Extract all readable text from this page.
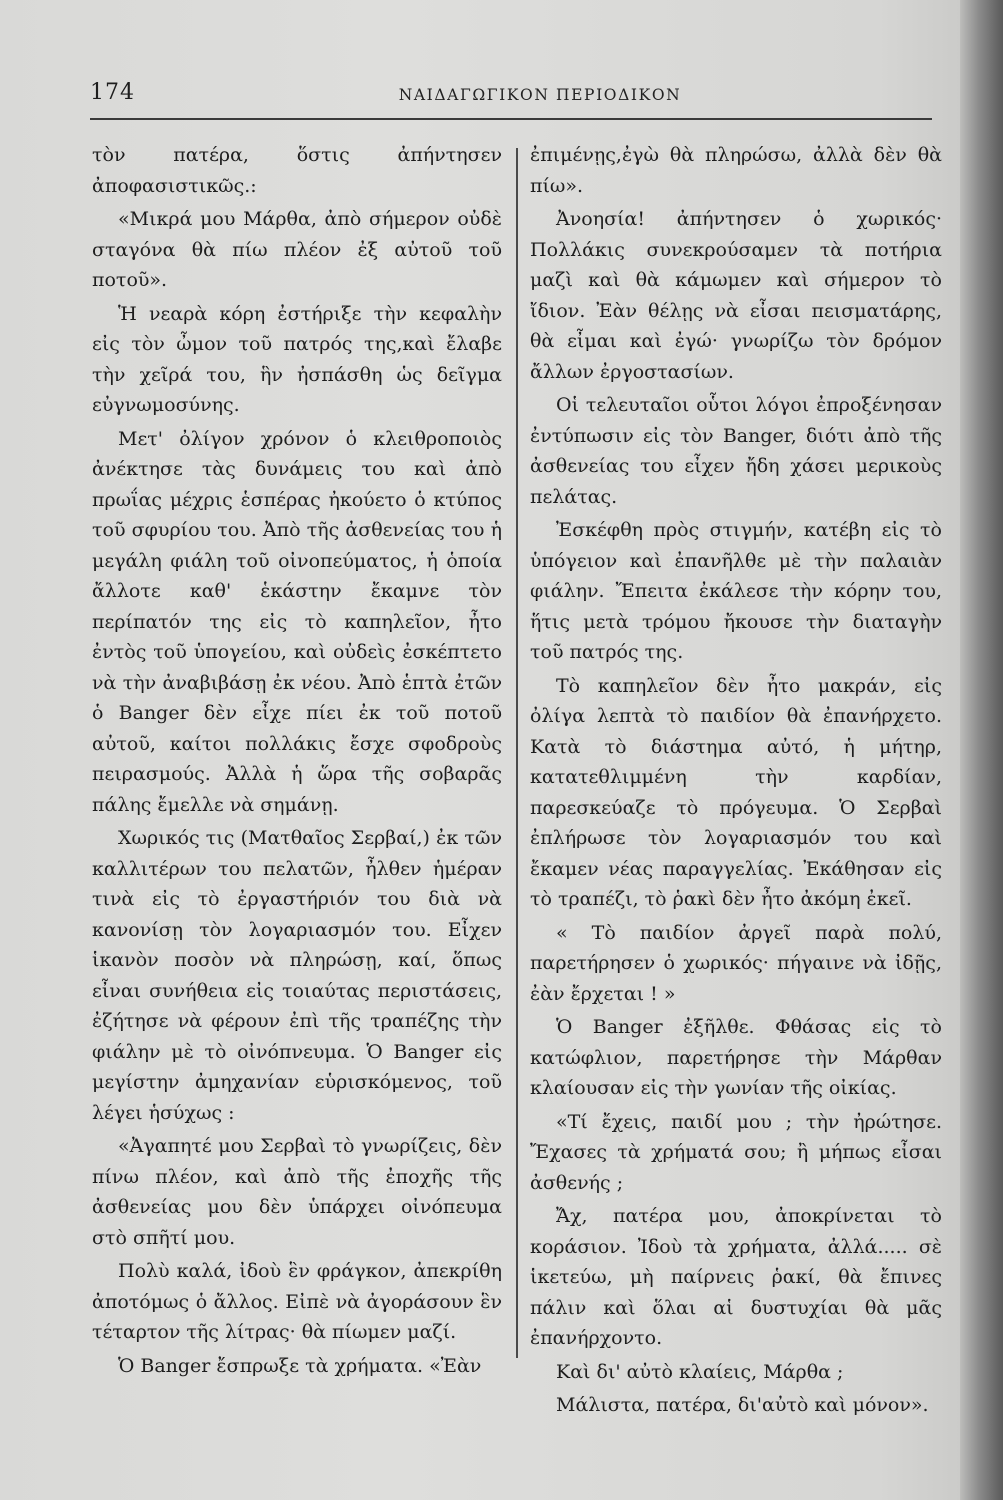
174	ΝΑΙΔΑΓΩΓΙΚΟΝ ΠΕΡΙΟΔΙΚΟΝ

τὸν πατέρα, ὅστις ἀπήντησεν ἀποφασιστικῶς.:

«Μικρά μου Μάρθα, ἀπὸ σήμερον οὐδὲ σταγόνα θὰ πίω πλέον ἐξ αὐτοῦ τοῦ ποτοῦ».

Ἡ νεαρὰ κόρη ἐστήριξε τὴν κεφαλὴν εἰς τὸν ὦμον τοῦ πατρός της,καὶ ἔλαβε τὴν χεῖρά του, ἣν ἠσπάσθη ὡς δεῖγμα εὐγνωμοσύνης.

Μετ' ὀλίγον χρόνον ὁ κλειθροποιὸς ἀνέκτησε τὰς δυνάμεις του καὶ ἀπὸ πρωΐας μέχρις ἑσπέρας ἠκούετο ὁ κτύπος τοῦ σφυρίου του. Ἀπὸ τῆς ἀσθενείας του ἡ μεγάλη φιάλη τοῦ οἰνοπεύματος, ἡ ὁποία ἄλλοτε καθ' ἑκάστην ἔκαμνε τὸν περίπατόν της εἰς τὸ καπηλεῖον, ἦτο ἐντὸς τοῦ ὑπογείου, καὶ οὐδεὶς ἐσκέπτετο νὰ τὴν ἀναβιβάσῃ ἐκ νέου. Ἀπὸ ἑπτὰ ἐτῶν ὁ Banger δὲν εἶχε πίει ἐκ τοῦ ποτοῦ αὐτοῦ, καίτοι πολλάκις ἔσχε σφοδροὺς πειρασμούς. Ἀλλὰ ἡ ὥρα τῆς σοβαρᾶς πάλης ἔμελλε νὰ σημάνῃ.

Χωρικός τις (Ματθαῖος Σερβαί,) ἐκ τῶν καλλιτέρων του πελατῶν, ἦλθεν ἡμέραν τινὰ εἰς τὸ ἐργαστήριόν του διὰ νὰ κανονίσῃ τὸν λογαριασμόν του. Εἶχεν ἱκανὸν ποσὸν νὰ πληρώσῃ, καί, ὅπως εἶναι συνήθεια εἰς τοιαύτας περιστάσεις, ἐζήτησε νὰ φέρουν ἐπὶ τῆς τραπέζης τὴν φιάλην μὲ τὸ οἰνόπνευμα. Ὁ Banger εἰς μεγίστην ἀμηχανίαν εὑρισκόμενος, τοῦ λέγει ἡσύχως :

«Ἀγαπητέ μου Σερβαὶ τὸ γνωρίζεις, δὲν πίνω πλέον, καὶ ἀπὸ τῆς ἐποχῆς τῆς ἀσθενείας μου δὲν ὑπάρχει οἰνόπευμα στὸ σπῆτί μου.

Πολὺ καλά, ἰδοὺ ἓν φράγκον, ἀπεκρίθη ἀποτόμως ὁ ἄλλος. Εἰπὲ νὰ ἀγοράσουν ἓν τέταρτον τῆς λίτρας· θὰ πίωμεν μαζί.

Ὁ Banger ἔσπρωξε τὰ χρήματα. «Ἐὰν

ἐπιμένῃς,ἐγὼ θὰ πληρώσω, ἀλλὰ δὲν θὰ πίω».

Ἀνοησία! ἀπήντησεν ὁ χωρικός· Πολλάκις συνεκρούσαμεν τὰ ποτήρια μαζὶ καὶ θὰ κάμωμεν καὶ σήμερον τὸ ἴδιον. Ἐὰν θέλῃς νὰ εἶσαι πεισματάρης, θὰ εἶμαι καὶ ἐγώ· γνωρίζω τὸν δρόμον ἄλλων ἐργοστασίων.

Οἱ τελευταῖοι οὗτοι λόγοι ἐπροξένησαν ἐντύπωσιν εἰς τὸν Banger, διότι ἀπὸ τῆς ἀσθενείας του εἶχεν ἤδη χάσει μερικοὺς πελάτας.

Ἐσκέφθη πρὸς στιγμήν, κατέβη εἰς τὸ ὑπόγειον καὶ ἐπανῆλθε μὲ τὴν παλαιὰν φιάλην. Ἔπειτα ἐκάλεσε τὴν κόρην του, ἥτις μετὰ τρόμου ἤκουσε τὴν διαταγὴν τοῦ πατρός της.

Τὸ καπηλεῖον δὲν ἦτο μακράν, εἰς ὀλίγα λεπτὰ τὸ παιδίον θὰ ἐπανήρχετο. Κατὰ τὸ διάστημα αὐτό, ἡ μήτηρ, κατατεθλιμμένη τὴν καρδίαν, παρεσκεύαζε τὸ πρόγευμα. Ὁ Σερβαὶ ἐπλήρωσε τὸν λογαριασμόν του καὶ ἔκαμεν νέας παραγγελίας. Ἐκάθησαν εἰς τὸ τραπέζι, τὸ ῥακὶ δὲν ἦτο ἀκόμη ἐκεῖ.

« Τὸ παιδίον ἀργεῖ παρὰ πολύ, παρετήρησεν ὁ χωρικός· πήγαινε νὰ ἰδῇς, ἐὰν ἔρχεται ! »

Ὁ Banger ἐξῆλθε. Φθάσας εἰς τὸ κατώφλιον, παρετήρησε τὴν Μάρθαν κλαίουσαν εἰς τὴν γωνίαν τῆς οἰκίας.

«Τί ἔχεις, παιδί μου ; τὴν ἠρώτησε. Ἔχασες τὰ χρήματά σου; ἢ μήπως εἶσαι ἀσθενής ;

Ἄχ, πατέρα μου, ἀποκρίνεται τὸ κοράσιον. Ἰδοὺ τὰ χρήματα, ἀλλά..... σὲ ἱκετεύω, μὴ παίρνεις ῥακί, θὰ ἔπινες πάλιν καὶ ὅλαι αἱ δυστυχίαι θὰ μᾶς ἐπανήρχοντο.

Καὶ δι' αὐτὸ κλαίεις, Μάρθα ;

Μάλιστα, πατέρα, δι'αὐτὸ καὶ μόνον».
